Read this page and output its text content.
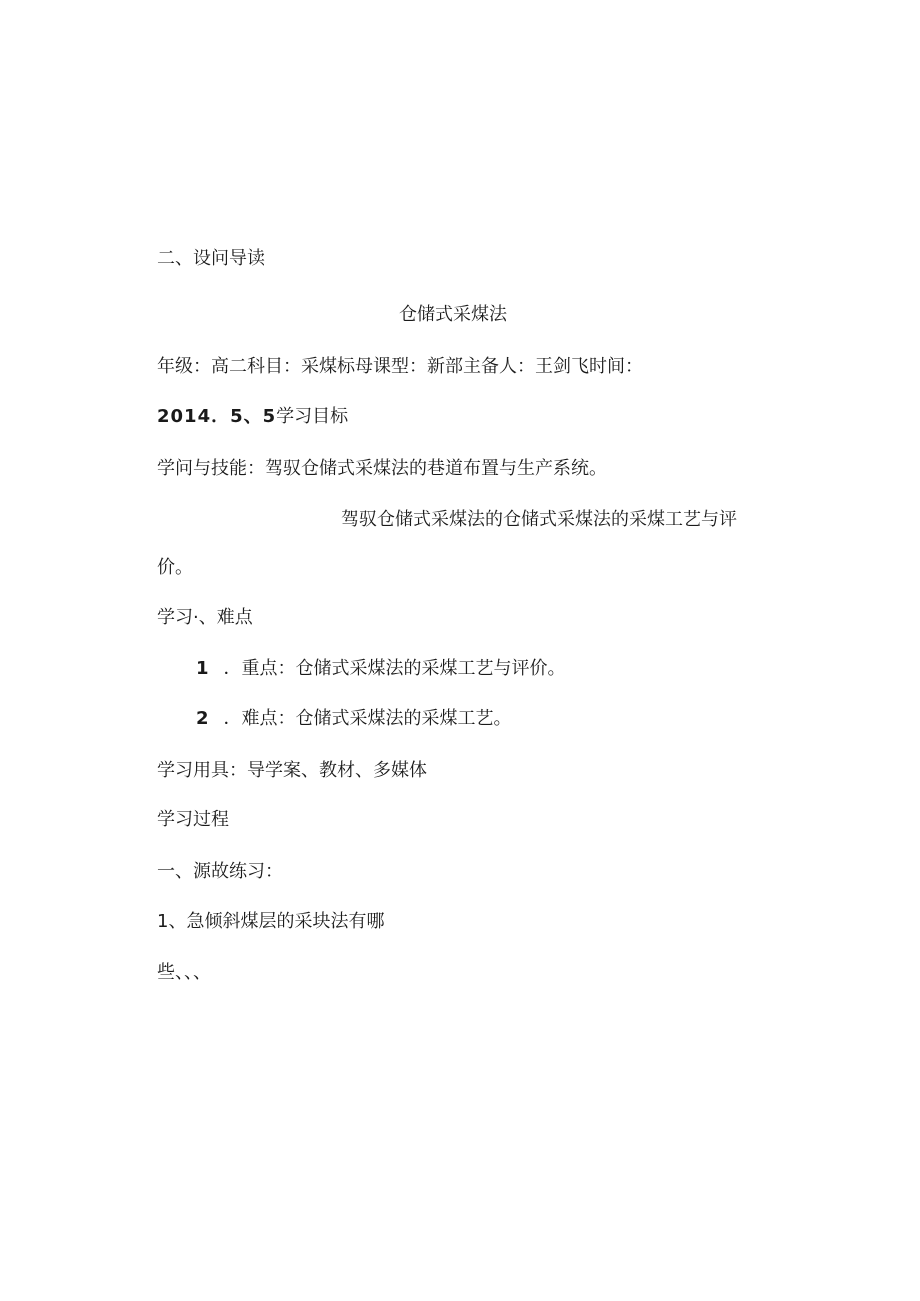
二、设问导读
仓储式采煤法
年级：高二科目：采煤标母课型：新部主备人：王剑飞时间：
2014．5、5学习目标
学问与技能：驾驭仓储式采煤法的巷道布置与生产系统。
驾驭仓储式采煤法的仓储式采煤法的采煤工艺与评
价。
学习·、难点
1 ．重点：仓储式采煤法的采煤工艺与评价。
2 ．难点：仓储式采煤法的采煤工艺。
学习用具：导学案、教材、多媒体
学习过程
一、源故练习：
1、急倾斜煤层的采块法有哪
些、、、
